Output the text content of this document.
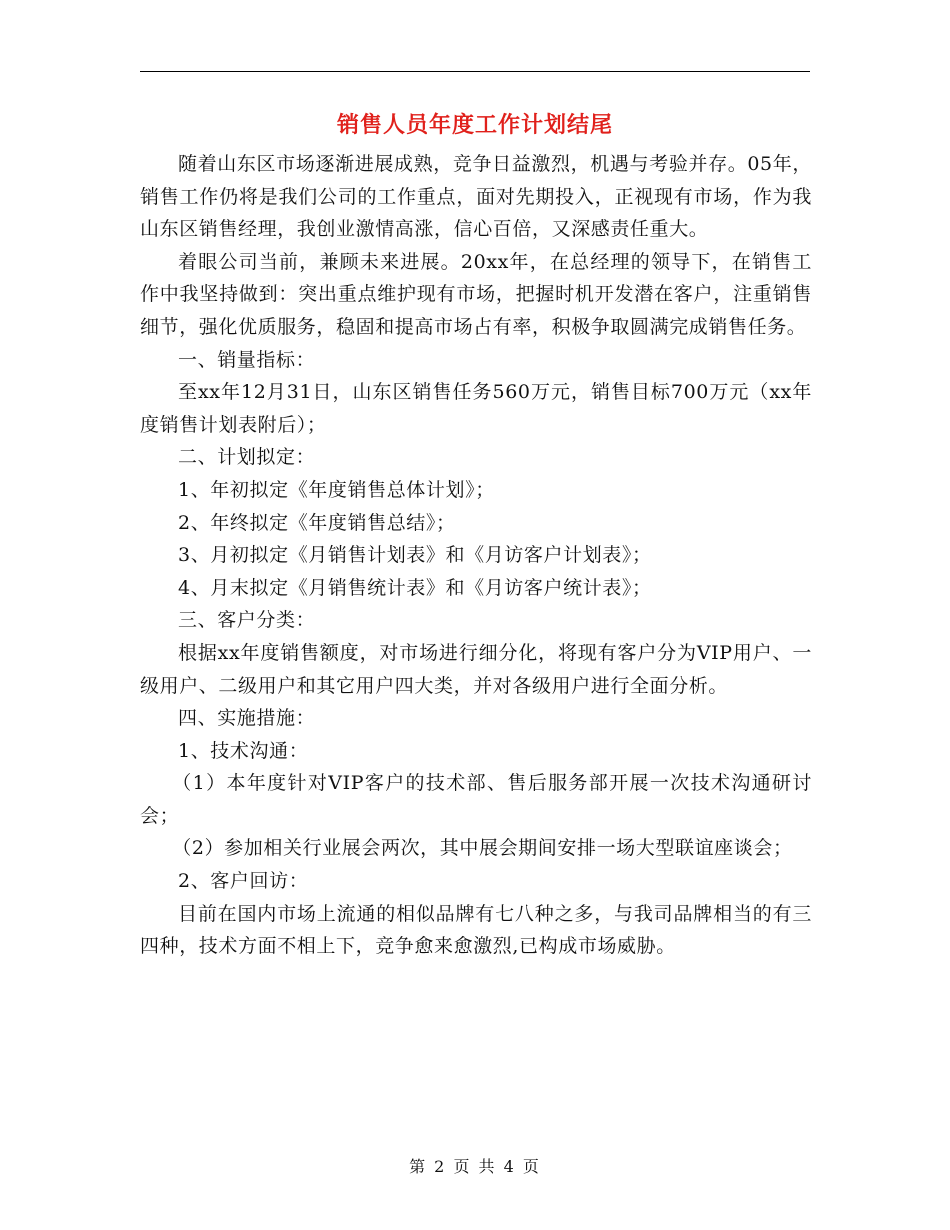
销售人员年度工作计划结尾

随着山东区市场逐渐进展成熟，竞争日益激烈，机遇与考验并存。05年，销售工作仍将是我们公司的工作重点，面对先期投入，正视现有市场，作为我山东区销售经理，我创业激情高涨，信心百倍，又深感责任重大。

着眼公司当前，兼顾未来进展。20xx年，在总经理的领导下，在销售工作中我坚持做到：突出重点维护现有市场，把握时机开发潜在客户，注重销售细节，强化优质服务，稳固和提高市场占有率，积极争取圆满完成销售任务。

一、销量指标：

至xx年12月31日，山东区销售任务560万元，销售目标700万元（xx年度销售计划表附后）；

二、计划拟定：

1、年初拟定《年度销售总体计划》；

2、年终拟定《年度销售总结》；

3、月初拟定《月销售计划表》和《月访客户计划表》；

4、月末拟定《月销售统计表》和《月访客户统计表》；

三、客户分类：

根据xx年度销售额度，对市场进行细分化，将现有客户分为VIP用户、一级用户、二级用户和其它用户四大类，并对各级用户进行全面分析。

四、实施措施：

1、技术沟通：

（1）本年度针对VIP客户的技术部、售后服务部开展一次技术沟通研讨会；

（2）参加相关行业展会两次，其中展会期间安排一场大型联谊座谈会；

2、客户回访：

目前在国内市场上流通的相似品牌有七八种之多，与我司品牌相当的有三四种，技术方面不相上下，竞争愈来愈激烈,已构成市场威胁。

第 2 页 共 4 页
